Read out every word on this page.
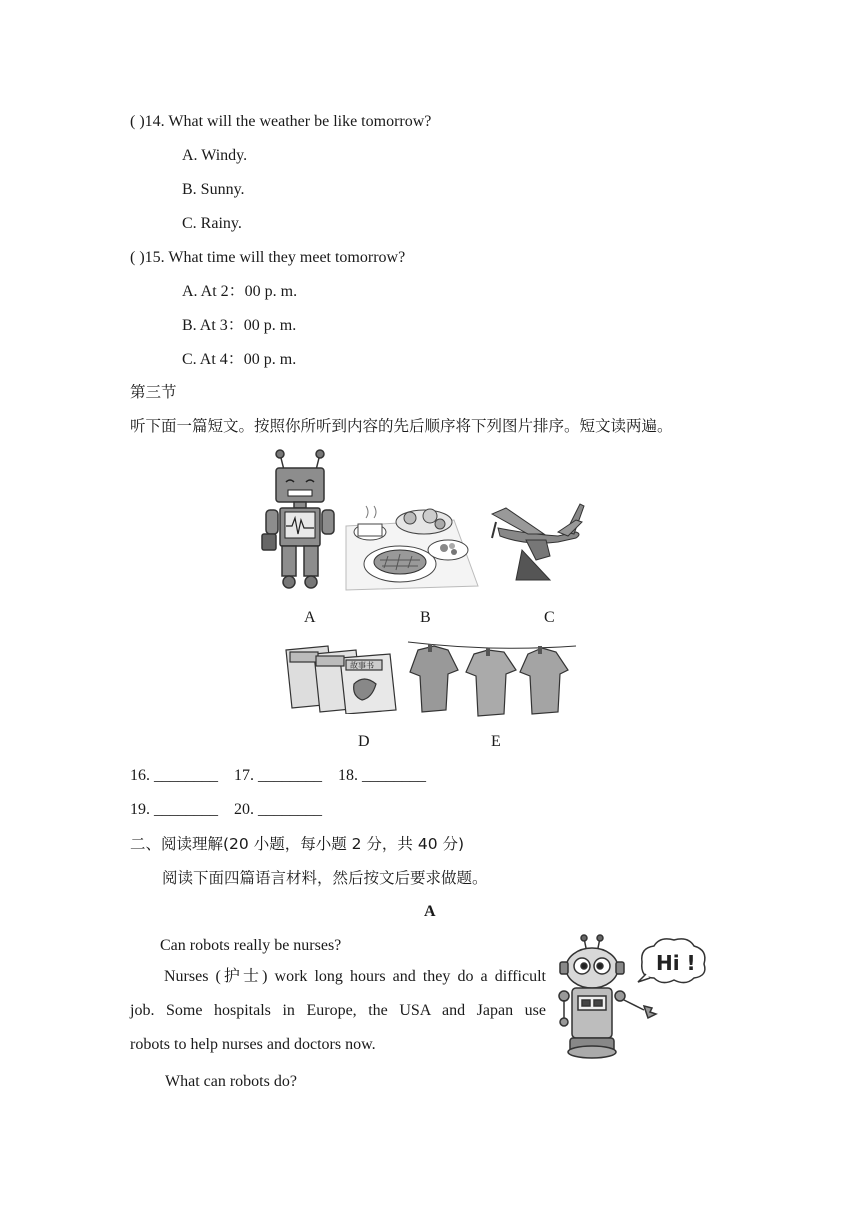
( )14. What will the weather be like tomorrow?
A. Windy.
B. Sunny.
C. Rainy.
( )15. What time will they meet tomorrow?
A. At 2：00 p. m.
B. At 3：00 p. m.
C. At 4：00 p. m.
第三节
听下面一篇短文。按照你所听到内容的先后顺序将下列图片排序。短文读两遍。
A	B	C
故事书
D	E
16. ________    17. ________    18. ________
19. ________    20. ________
二、阅读理解(20 小题，每小题 2 分，共 40 分)
阅读下面四篇语言材料，然后按文后要求做题。
A
Can robots really be nurses?
Nurses (护士) work long hours and they do a difficult
job. Some hospitals in Europe, the USA and Japan use
robots to help nurses and doctors now.
What can robots do?
Hi !
